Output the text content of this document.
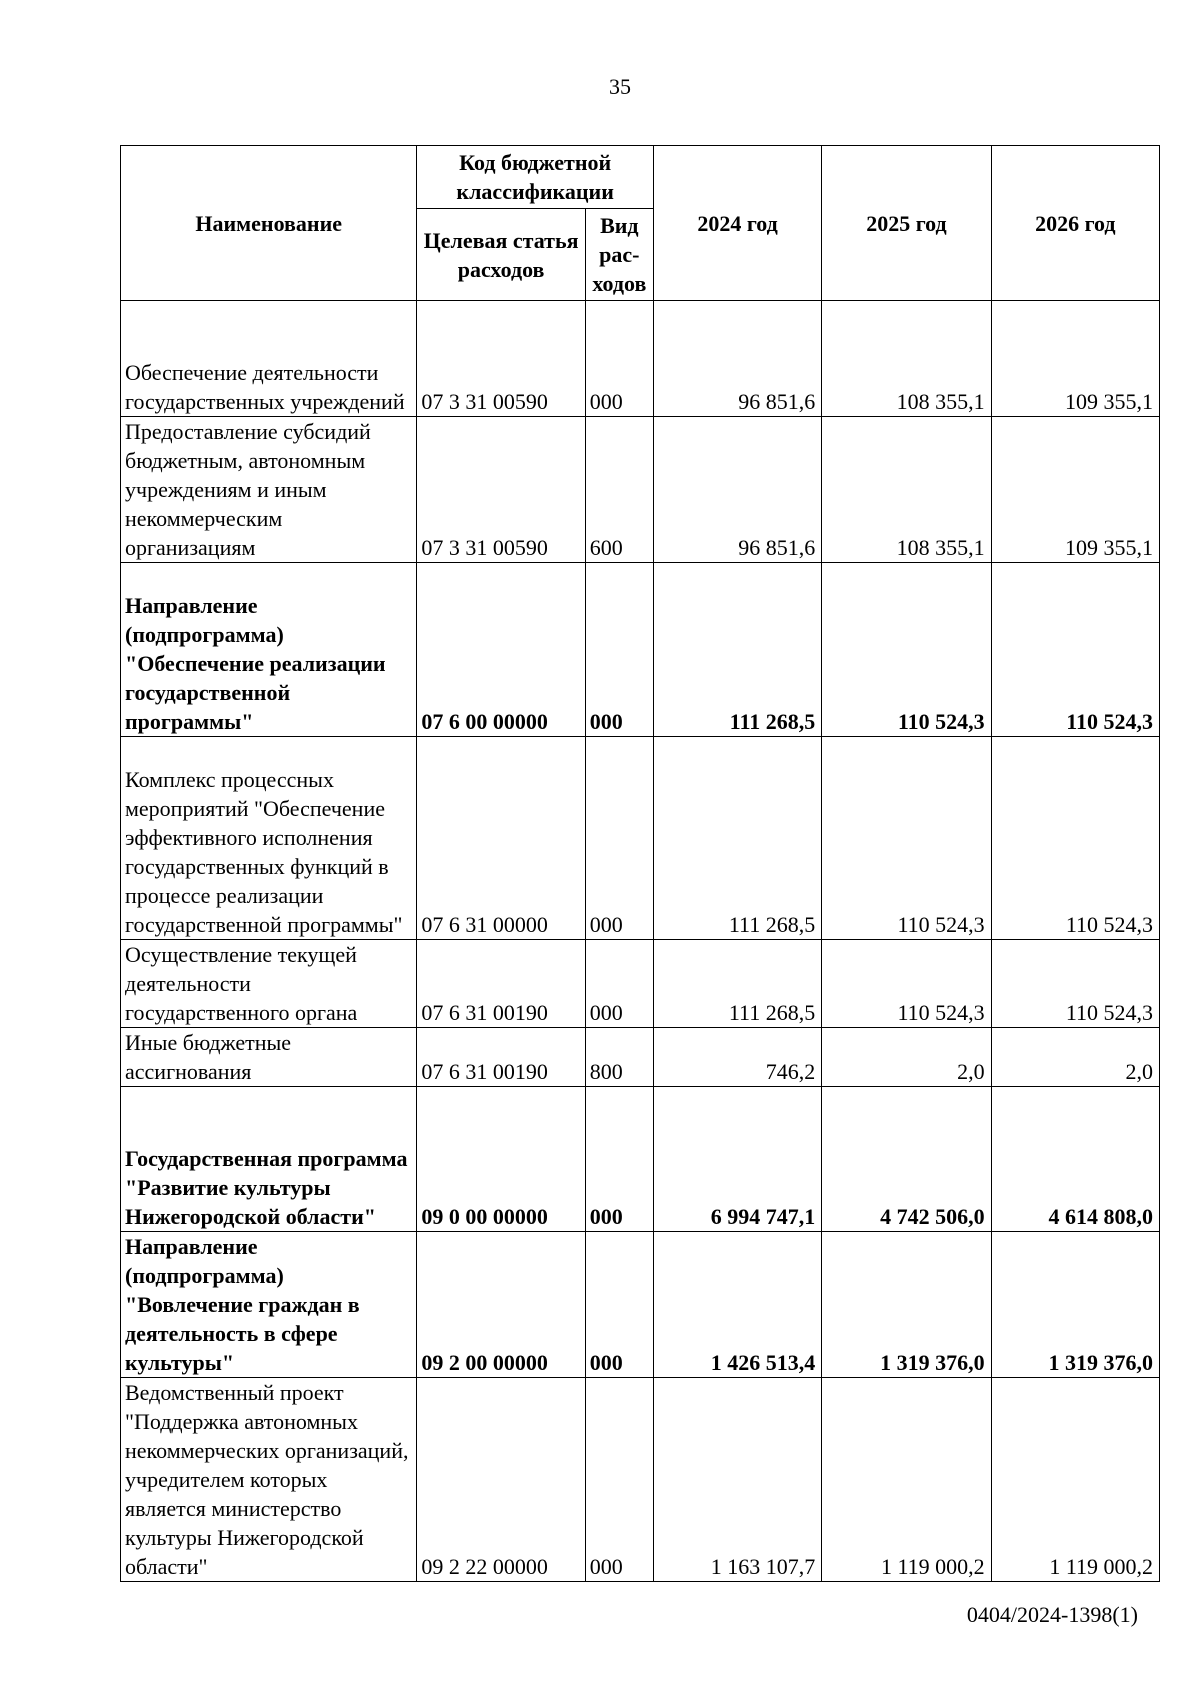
35
Наименование	Код бюджетной классификации		2024 год	2025 год	2026 год
	Целевая статья расходов	Вид рас-ходов			
Обеспечение деятельности государственных учреждений	07 3 31 00590	000	96 851,6	108 355,1	109 355,1
Предоставление субсидий бюджетным, автономным учреждениям и иным некоммерческим организациям	07 3 31 00590	600	96 851,6	108 355,1	109 355,1
Направление (подпрограмма) "Обеспечение реализации государственной программы"	07 6 00 00000	000	111 268,5	110 524,3	110 524,3
Комплекс процессных мероприятий "Обеспечение эффективного исполнения государственных функций в процессе реализации государственной программы"	07 6 31 00000	000	111 268,5	110 524,3	110 524,3
Осуществление текущей деятельности государственного органа	07 6 31 00190	000	111 268,5	110 524,3	110 524,3
Иные бюджетные ассигнования	07 6 31 00190	800	746,2	2,0	2,0
Государственная программа "Развитие культуры Нижегородской области"	09 0 00 00000	000	6 994 747,1	4 742 506,0	4 614 808,0
Направление (подпрограмма) "Вовлечение граждан в деятельность в сфере культуры"	09 2 00 00000	000	1 426 513,4	1 319 376,0	1 319 376,0
Ведомственный проект "Поддержка автономных некоммерческих организаций, учредителем которых является министерство культуры Нижегородской области"	09 2 22 00000	000	1 163 107,7	1 119 000,2	1 119 000,2
0404/2024-1398(1)
